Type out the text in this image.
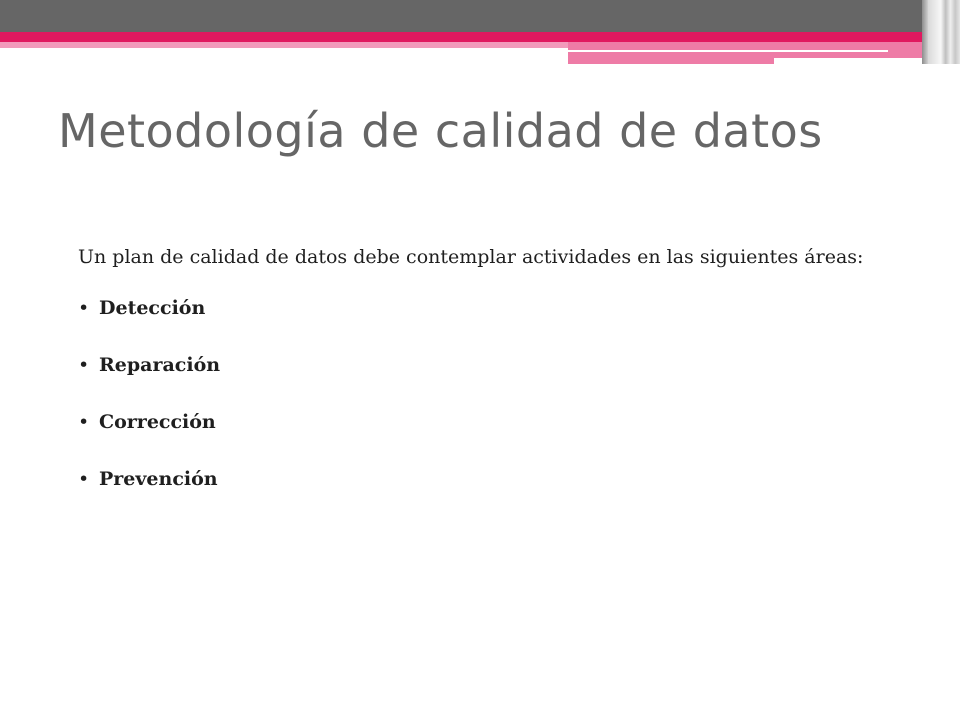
Metodología de calidad de datos

Un plan de calidad de datos debe contemplar actividades en las siguientes áreas:

• Detección
• Reparación
• Corrección
• Prevención
